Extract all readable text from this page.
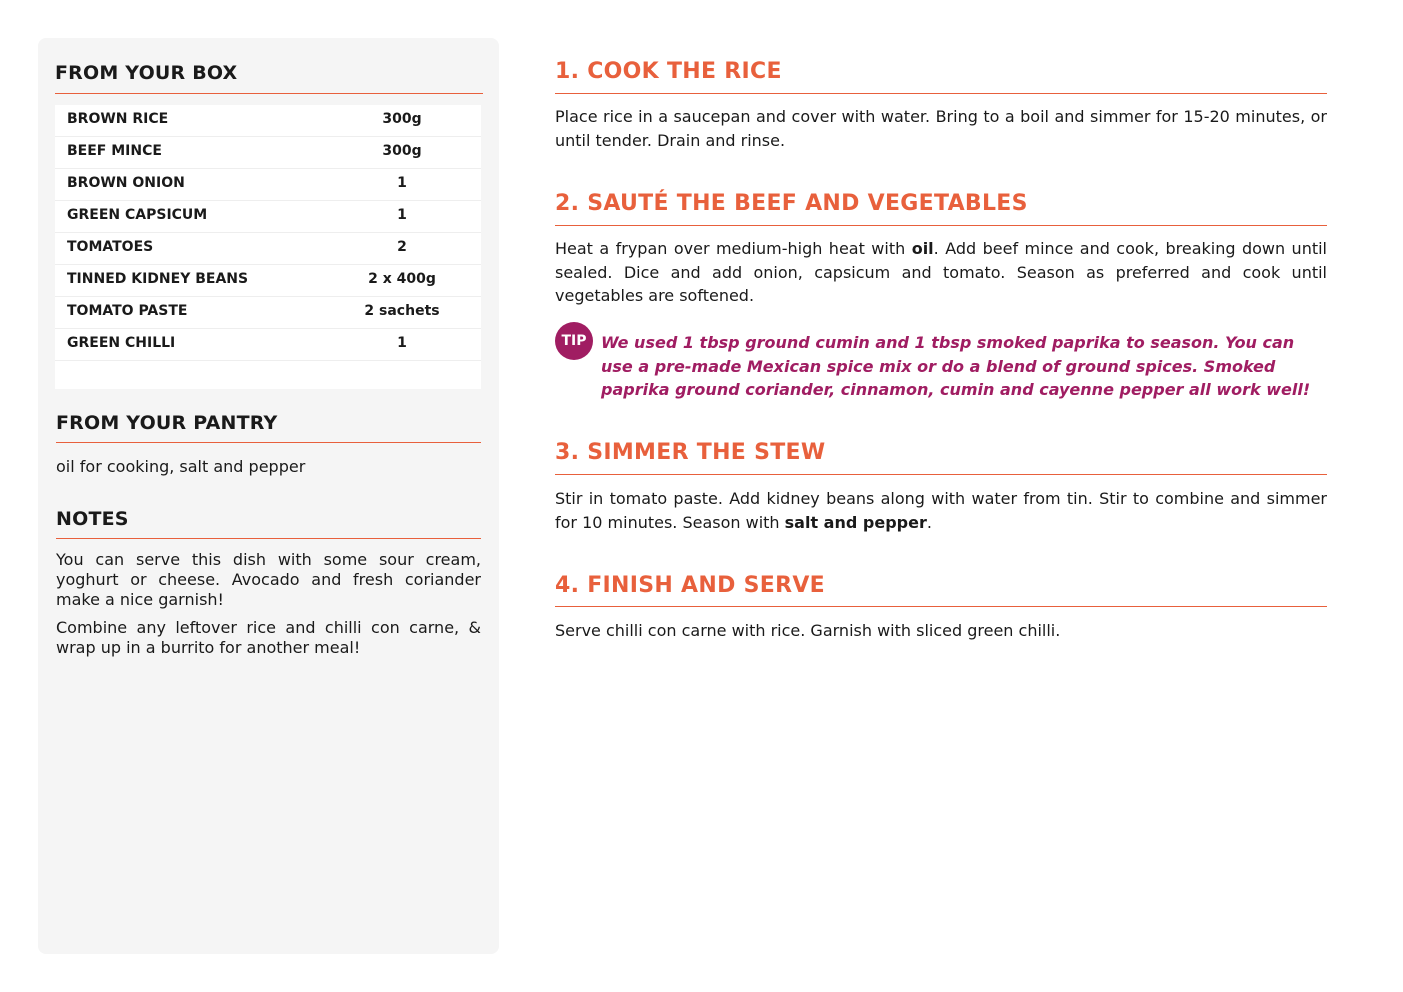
FROM YOUR BOX
BROWN RICE	300g
BEEF MINCE	300g
BROWN ONION	1
GREEN CAPSICUM	1
TOMATOES	2
TINNED KIDNEY BEANS	2 x 400g
TOMATO PASTE	2 sachets
GREEN CHILLI	1
FROM YOUR PANTRY
oil for cooking, salt and pepper
NOTES
You can serve this dish with some sour cream, yoghurt or cheese. Avocado and fresh coriander make a nice garnish!
Combine any leftover rice and chilli con carne, & wrap up in a burrito for another meal!
1. COOK THE RICE
Place rice in a saucepan and cover with water. Bring to a boil and simmer for 15-20 minutes, or until tender. Drain and rinse.
2. SAUTÉ THE BEEF AND VEGETABLES
Heat a frypan over medium-high heat with oil. Add beef mince and cook, breaking down until sealed. Dice and add onion, capsicum and tomato. Season as preferred and cook until vegetables are softened.
TIP We used 1 tbsp ground cumin and 1 tbsp smoked paprika to season. You can use a pre-made Mexican spice mix or do a blend of ground spices. Smoked paprika ground coriander, cinnamon, cumin and cayenne pepper all work well!
3. SIMMER THE STEW
Stir in tomato paste. Add kidney beans along with water from tin. Stir to combine and simmer for 10 minutes. Season with salt and pepper.
4. FINISH AND SERVE
Serve chilli con carne with rice. Garnish with sliced green chilli.
